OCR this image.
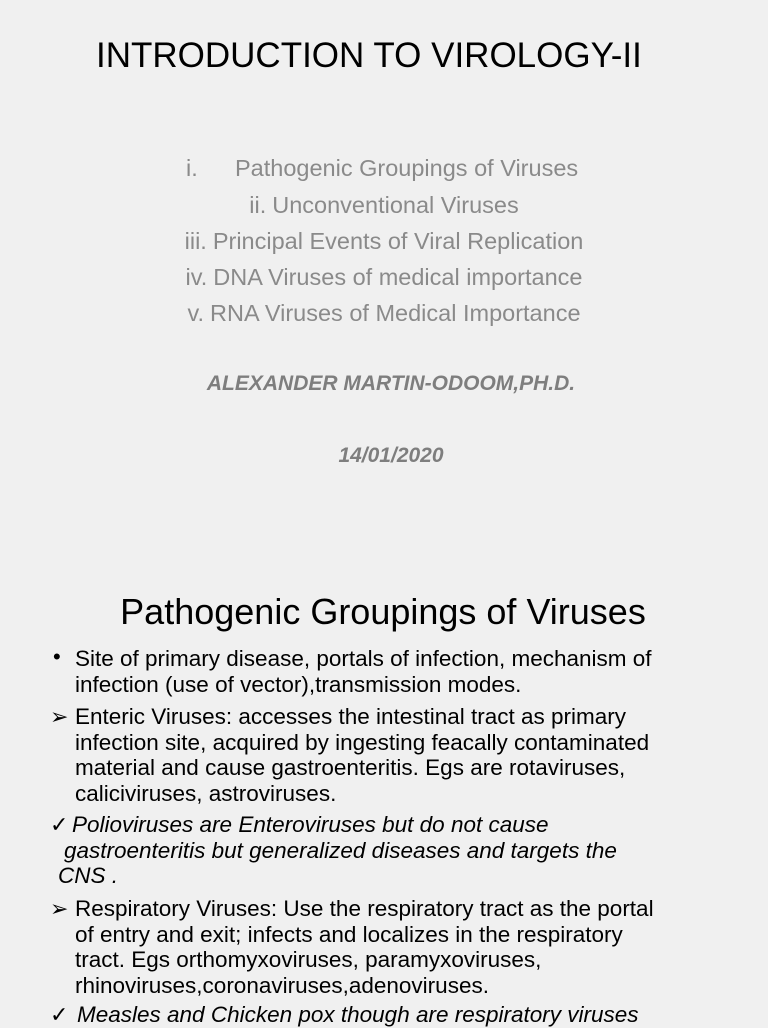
INTRODUCTION TO VIROLOGY-II
i. Pathogenic Groupings of Viruses
ii. Unconventional Viruses
iii. Principal Events of Viral Replication
iv. DNA Viruses of medical importance
v. RNA Viruses of Medical Importance
ALEXANDER MARTIN-ODOOM,PH.D.
14/01/2020
Pathogenic Groupings of Viruses
• Site of primary disease, portals of infection, mechanism of
infection (use of vector),transmission modes.
➢ Enteric Viruses: accesses the intestinal tract as primary
infection site, acquired by ingesting feacally contaminated
material and cause gastroenteritis. Egs are rotaviruses,
caliciviruses, astroviruses.
✓ Polioviruses are Enteroviruses but do not cause
gastroenteritis but generalized diseases and targets the
CNS .
➢ Respiratory Viruses: Use the respiratory tract as the portal
of entry and exit; infects and localizes in the respiratory
tract. Egs orthomyxoviruses, paramyxoviruses,
rhinoviruses,coronaviruses,adenoviruses.
✓ Measles and Chicken pox though are respiratory viruses
